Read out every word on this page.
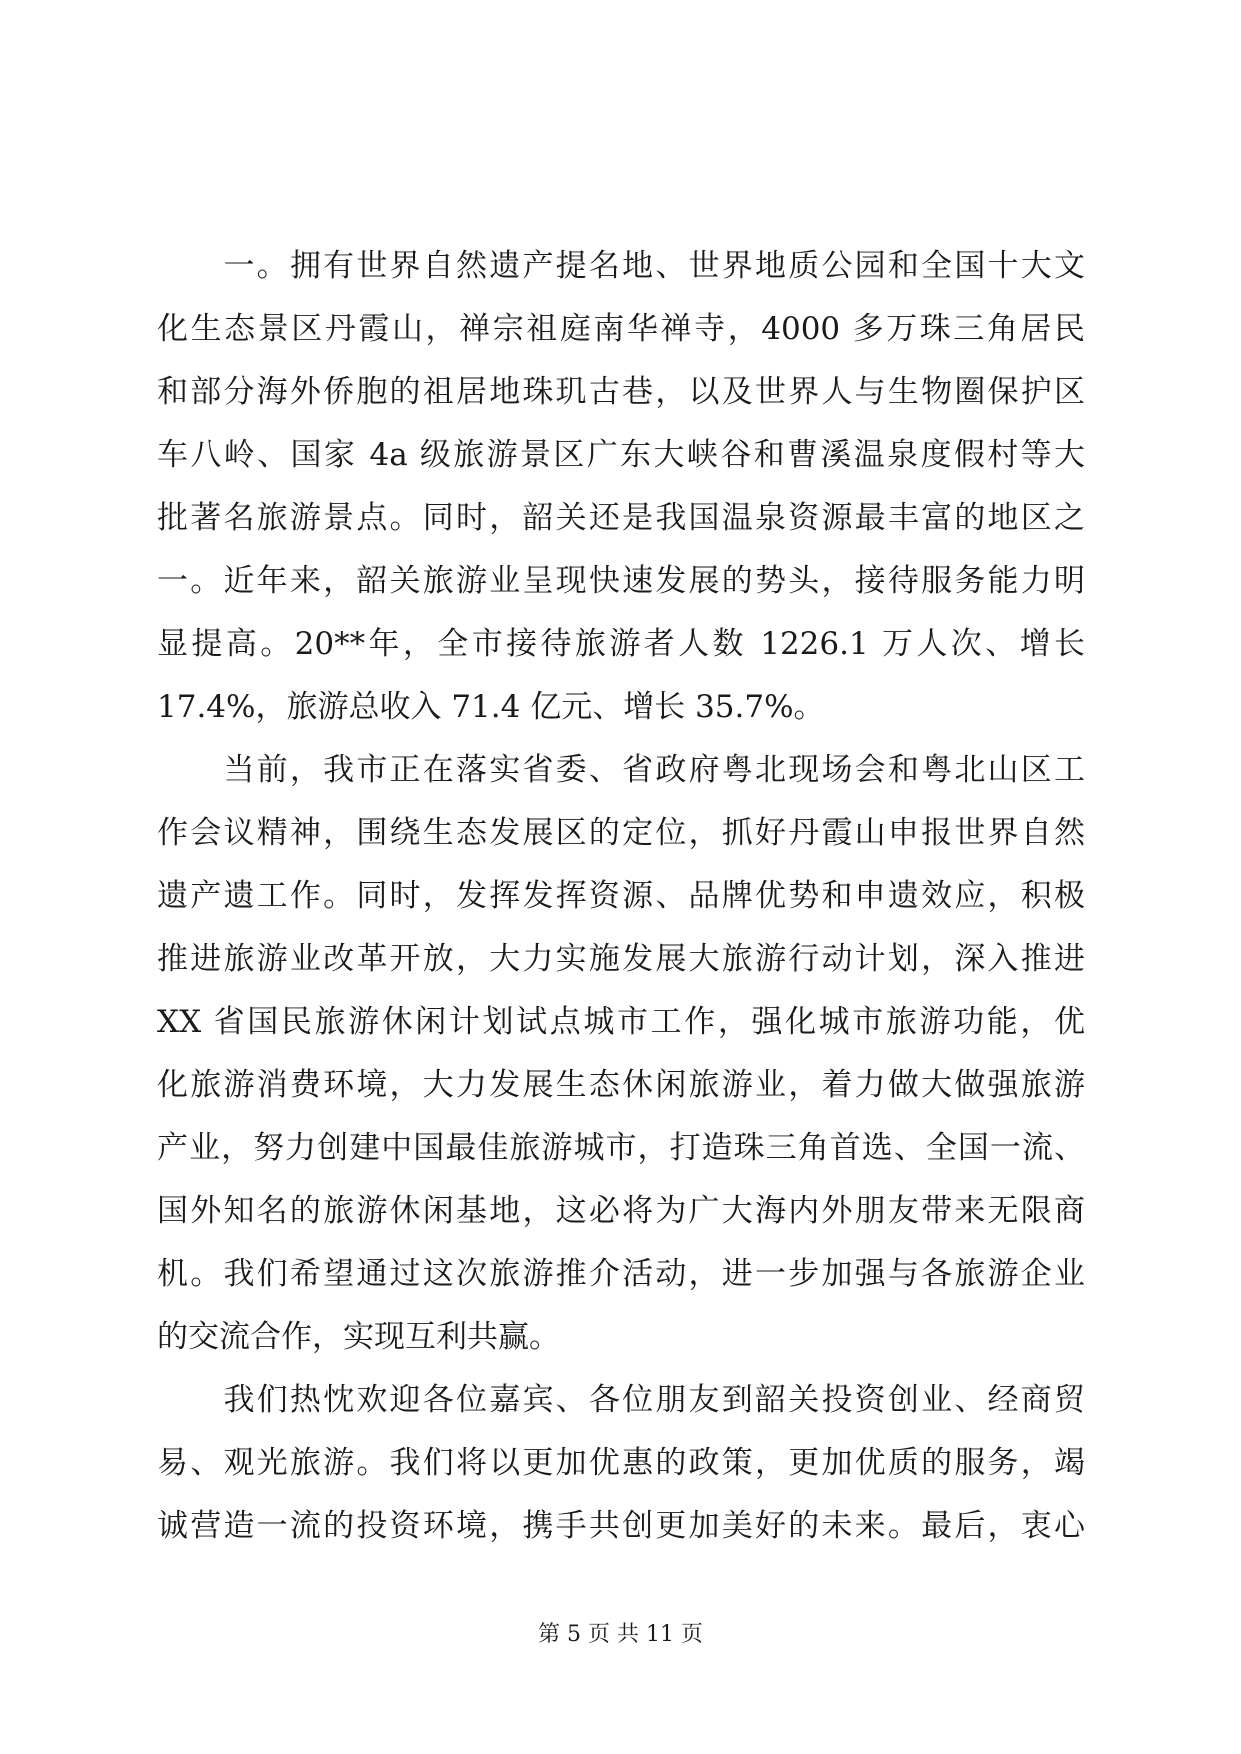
　　一。拥有世界自然遗产提名地、世界地质公园和全国十大文
化生态景区丹霞山，禅宗祖庭南华禅寺，4000 多万珠三角居民
和部分海外侨胞的祖居地珠玑古巷，以及世界人与生物圈保护区
车八岭、国家 4a 级旅游景区广东大峡谷和曹溪温泉度假村等大
批著名旅游景点。同时，韶关还是我国温泉资源最丰富的地区之
一。近年来，韶关旅游业呈现快速发展的势头，接待服务能力明
显提高。20**年，全市接待旅游者人数 1226.1 万人次、增长
17.4%，旅游总收入 71.4 亿元、增长 35.7%。
　　当前，我市正在落实省委、省政府粤北现场会和粤北山区工
作会议精神，围绕生态发展区的定位，抓好丹霞山申报世界自然
遗产遗工作。同时，发挥发挥资源、品牌优势和申遗效应，积极
推进旅游业改革开放，大力实施发展大旅游行动计划，深入推进
XX 省国民旅游休闲计划试点城市工作，强化城市旅游功能，优
化旅游消费环境，大力发展生态休闲旅游业，着力做大做强旅游
产业，努力创建中国最佳旅游城市，打造珠三角首选、全国一流、
国外知名的旅游休闲基地，这必将为广大海内外朋友带来无限商
机。我们希望通过这次旅游推介活动，进一步加强与各旅游企业
的交流合作，实现互利共赢。
　　我们热忱欢迎各位嘉宾、各位朋友到韶关投资创业、经商贸
易、观光旅游。我们将以更加优惠的政策，更加优质的服务，竭
诚营造一流的投资环境，携手共创更加美好的未来。最后，衷心
第 5 页 共 11 页
